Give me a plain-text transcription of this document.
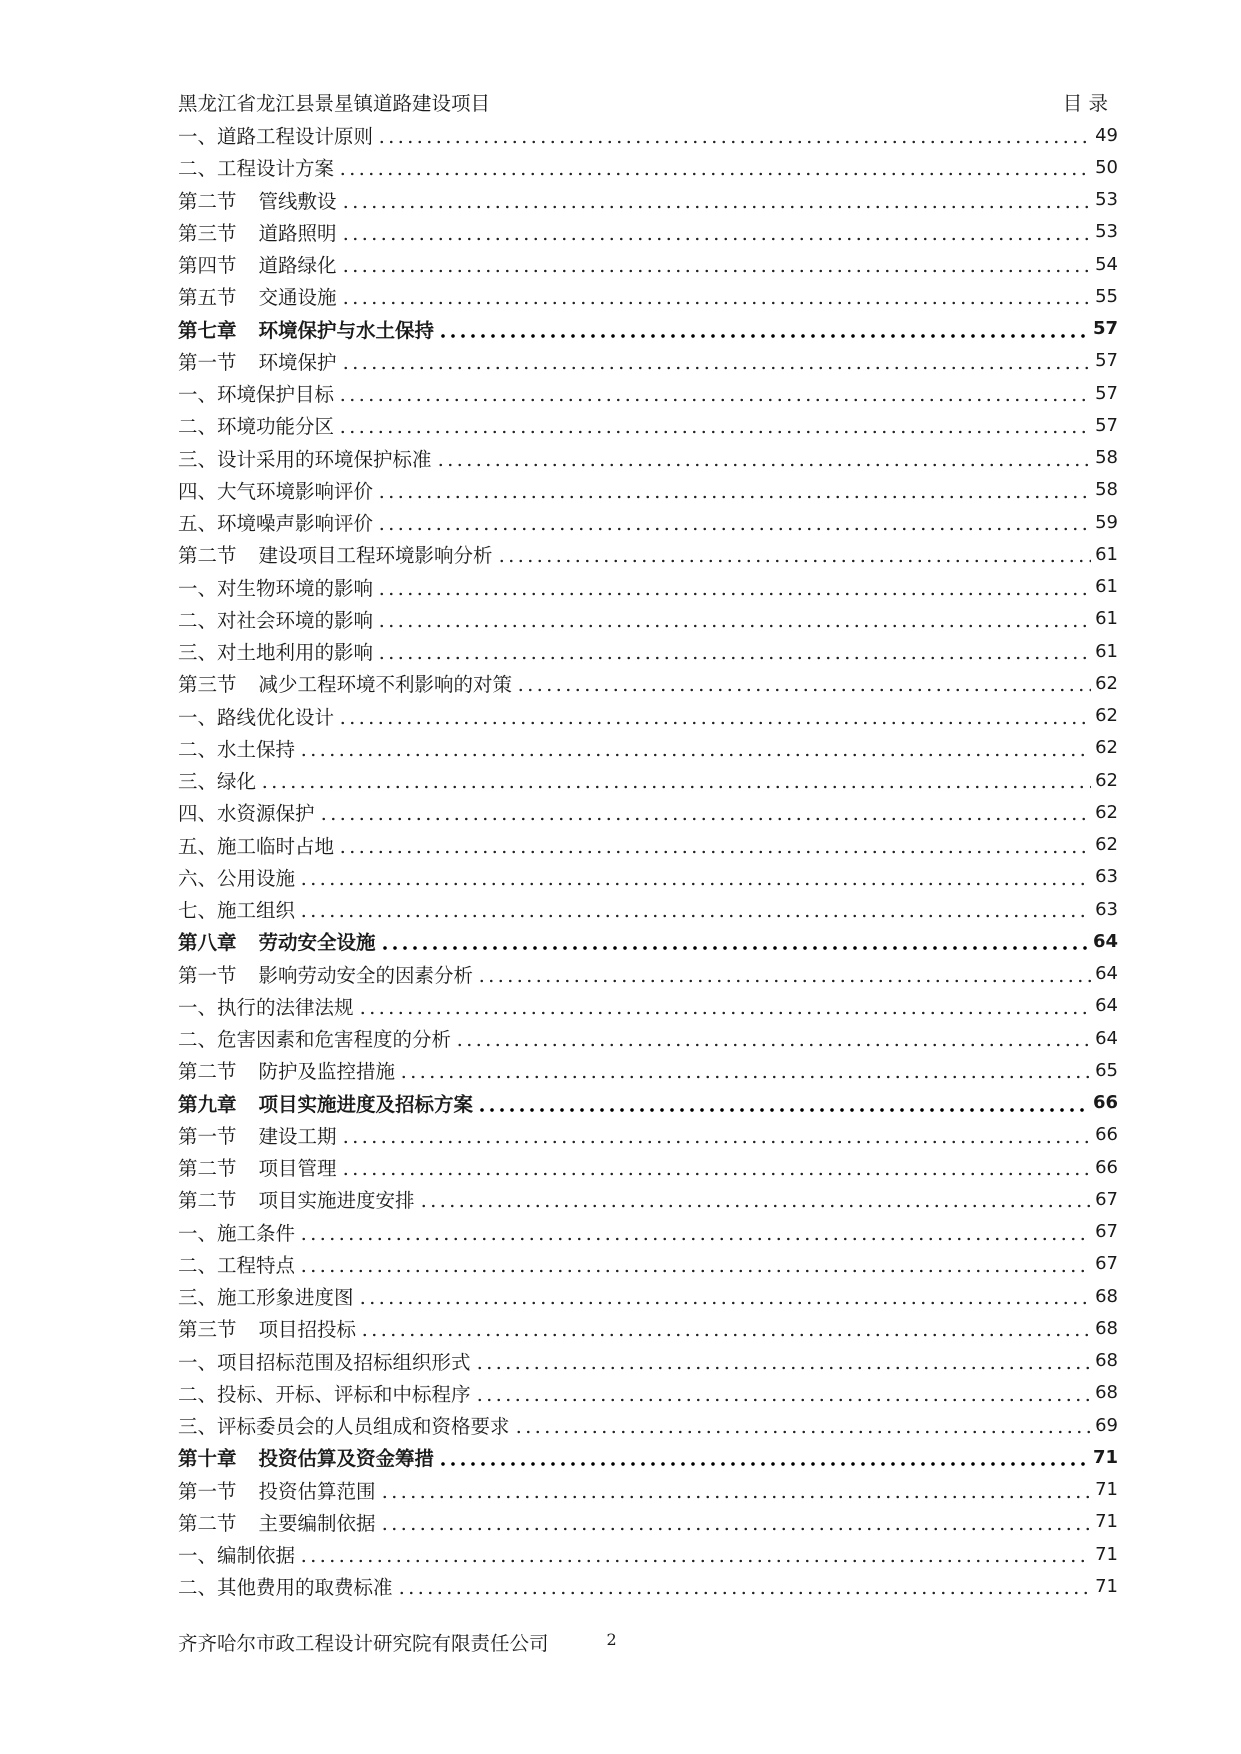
黑龙江省龙江县景星镇道路建设项目	目 录
一、道路工程设计原则	49
二、工程设计方案	50
第二节 管线敷设	53
第三节 道路照明	53
第四节 道路绿化	54
第五节 交通设施	55
第七章 环境保护与水土保持	57
第一节 环境保护	57
一、环境保护目标	57
二、环境功能分区	57
三、设计采用的环境保护标准	58
四、大气环境影响评价	58
五、环境噪声影响评价	59
第二节 建设项目工程环境影响分析	61
一、对生物环境的影响	61
二、对社会环境的影响	61
三、对土地利用的影响	61
第三节 减少工程环境不利影响的对策	62
一、路线优化设计	62
二、水土保持	62
三、绿化	62
四、水资源保护	62
五、施工临时占地	62
六、公用设施	63
七、施工组织	63
第八章 劳动安全设施	64
第一节 影响劳动安全的因素分析	64
一、执行的法律法规	64
二、危害因素和危害程度的分析	64
第二节 防护及监控措施	65
第九章 项目实施进度及招标方案	66
第一节 建设工期	66
第二节 项目管理	66
第二节 项目实施进度安排	67
一、施工条件	67
二、工程特点	67
三、施工形象进度图	68
第三节 项目招投标	68
一、项目招标范围及招标组织形式	68
二、投标、开标、评标和中标程序	68
三、评标委员会的人员组成和资格要求	69
第十章 投资估算及资金筹措	71
第一节 投资估算范围	71
第二节 主要编制依据	71
一、编制依据	71
二、其他费用的取费标准	71
齐齐哈尔市政工程设计研究院有限责任公司	2
